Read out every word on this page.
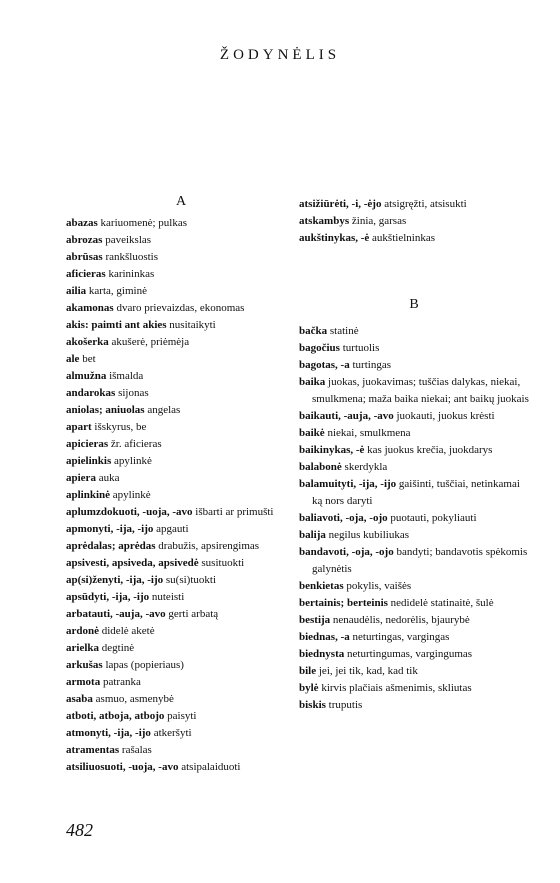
ŽODYNĖLIS
A
abazas kariuomenė; pulkas
abrozas paveikslas
abrūsas rankšluostis
aficieras karininkas
ailia karta, giminė
akamonas dvaro prievaizdas, ekonomas
akis: paimti ant akies nusitaikyti
akošerka akušerė, priėmėja
ale bet
almužna išmalda
andarokas sijonas
aniolas; aniuolas angelas
apart išskyrus, be
apicieras žr. aficieras
apielinkis apylinkė
apiera auka
aplinkinė apylinkė
aplumzdokuoti, -uoja, -avo išbarti ar primušti
apmonyti, -ija, -ijo apgauti
aprėdalas; aprėdas drabužis, apsirengimas
apsivesti, apsiveda, apsivedė susituokti
ap(si)ženyti, -ija, -ijo su(si)tuokti
apsūdyti, -ija, -ijo nuteisti
arbatauti, -auja, -avo gerti arbatą
ardonė didelė aketė
arielka degtinė
arkušas lapas (popieriaus)
armota patranka
asaba asmuo, asmenybė
atboti, atboja, atbojo paisyti
atmonyti, -ija, -ijo atkeršyti
atramentas rašalas
atsiliuosuoti, -uoja, -avo atsipalaiduoti
atsižiūrėti, -i, -ėjo atsigręžti, atsisukti
atskambys žinia, garsas
aukštinykas, -ė aukštielninkas
B
bačka statinė
bagočius turtuolis
bagotas, -a turtingas
baika juokas, juokavimas; tuščias dalykas, niekai, smulkmena; maža baika niekai; ant baikų juokais
baikauti, -auja, -avo juokauti, juokus krėsti
baikė niekai, smulkmena
baikinykas, -ė kas juokus krečia, juokdarys
balabonė skerdykla
balamuityti, -ija, -ijo gaišinti, tuščiai, netinkamai ką nors daryti
baliavoti, -oja, -ojo puotauti, pokyliauti
balija negilus kubiliukas
bandavoti, -oja, -ojo bandyti; bandavotis spėkomis galynėtis
benkietas pokylis, vaišės
bertainis; berteinis nedidelė statinaitė, šulė
bestija nenaudėlis, nedorėlis, bjaurybė
biednas, -a neturtingas, vargingas
biednysta neturtingumas, vargingumas
bile jei, jei tik, kad, kad tik
bylė kirvis plačiais ašmenimis, skliutas
biskis truputis
482
